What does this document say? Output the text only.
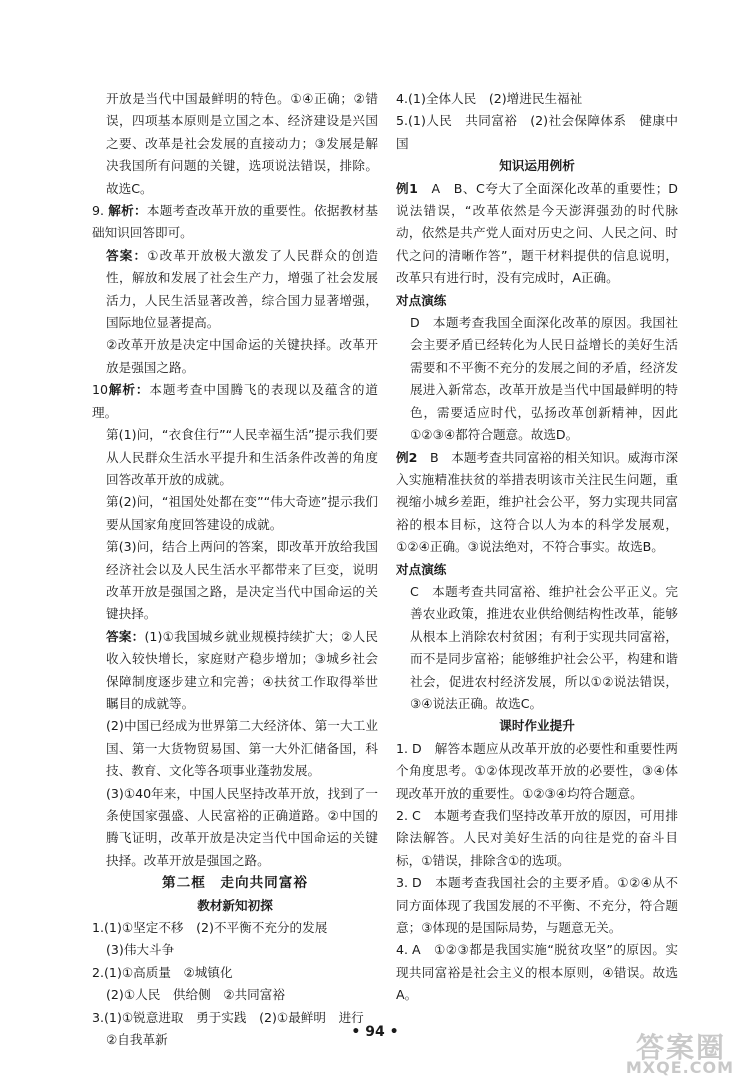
开放是当代中国最鲜明的特色。①④正确；②错误，四项基本原则是立国之本、经济建设是兴国之要、改革是社会发展的直接动力；③发展是解决我国所有问题的关键，选项说法错误，排除。故选C。

9. 解析：本题考查改革开放的重要性。依据教材基础知识回答即可。

答案：①改革开放极大激发了人民群众的创造性，解放和发展了社会生产力，增强了社会发展活力，人民生活显著改善，综合国力显著增强，国际地位显著提高。

②改革开放是决定中国命运的关键抉择。改革开放是强国之路。

10.解析：本题考查中国腾飞的表现以及蕴含的道理。

第(1)问，“衣食住行”“人民幸福生活”提示我们要从人民群众生活水平提升和生活条件改善的角度回答改革开放的成就。

第(2)问，“祖国处处都在变”“伟大奇迹”提示我们要从国家角度回答建设的成就。

第(3)问，结合上两问的答案，即改革开放给我国经济社会以及人民生活水平都带来了巨变，说明改革开放是强国之路，是决定当代中国命运的关键抉择。

答案：(1)①我国城乡就业规模持续扩大；②人民收入较快增长，家庭财产稳步增加；③城乡社会保障制度逐步建立和完善；④扶贫工作取得举世瞩目的成就等。

(2)中国已经成为世界第二大经济体、第一大工业国、第一大货物贸易国、第一大外汇储备国，科技、教育、文化等各项事业蓬勃发展。

(3)①40年来，中国人民坚持改革开放，找到了一条使国家强盛、人民富裕的正确道路。②中国的腾飞证明，改革开放是决定当代中国命运的关键抉择。改革开放是强国之路。

第二框　走向共同富裕

教材新知初探

1.(1)①坚定不移　(2)不平衡不充分的发展

(3)伟大斗争

2.(1)①高质量　②城镇化

(2)①人民　供给侧　②共同富裕

3.(1)①锐意进取　勇于实践　(2)①最鲜明　进行

②自我革新

4.(1)全体人民　(2)增进民生福祉

5.(1)人民　共同富裕　(2)社会保障体系　健康中国

知识运用例析

例1　A　B、C夸大了全面深化改革的重要性；D说法错误，“改革依然是今天澎湃强劲的时代脉动，依然是共产党人面对历史之问、人民之问、时代之问的清晰作答”，题干材料提供的信息说明，改革只有进行时，没有完成时，A正确。

对点演练

D　本题考查我国全面深化改革的原因。我国社会主要矛盾已经转化为人民日益增长的美好生活需要和不平衡不充分的发展之间的矛盾，经济发展进入新常态，改革开放是当代中国最鲜明的特色，需要适应时代，弘扬改革创新精神，因此①②③④都符合题意。故选D。

例2　B　本题考查共同富裕的相关知识。威海市深入实施精准扶贫的举措表明该市关注民生问题，重视缩小城乡差距，维护社会公平，努力实现共同富裕的根本目标，这符合以人为本的科学发展观，①②④正确。③说法绝对，不符合事实。故选B。

对点演练

C　本题考查共同富裕、维护社会公平正义。完善农业政策，推进农业供给侧结构性改革，能够从根本上消除农村贫困；有利于实现共同富裕，而不是同步富裕；能够维护社会公平，构建和谐社会，促进农村经济发展，所以①②说法错误，③④说法正确。故选C。

课时作业提升

1. D　解答本题应从改革开放的必要性和重要性两个角度思考。①②体现改革开放的必要性，③④体现改革开放的重要性。①②③④均符合题意。

2. C　本题考查我们坚持改革开放的原因，可用排除法解答。人民对美好生活的向往是党的奋斗目标，①错误，排除含①的选项。

3. D　本题考查我国社会的主要矛盾。①②④从不同方面体现了我国发展的不平衡、不充分，符合题意；③体现的是国际局势，与题意无关。

4. A　①②③都是我国实施“脱贫攻坚”的原因。实现共同富裕是社会主义的根本原则，④错误。故选A。

• 94 •	答案圈
MXQE.COM
